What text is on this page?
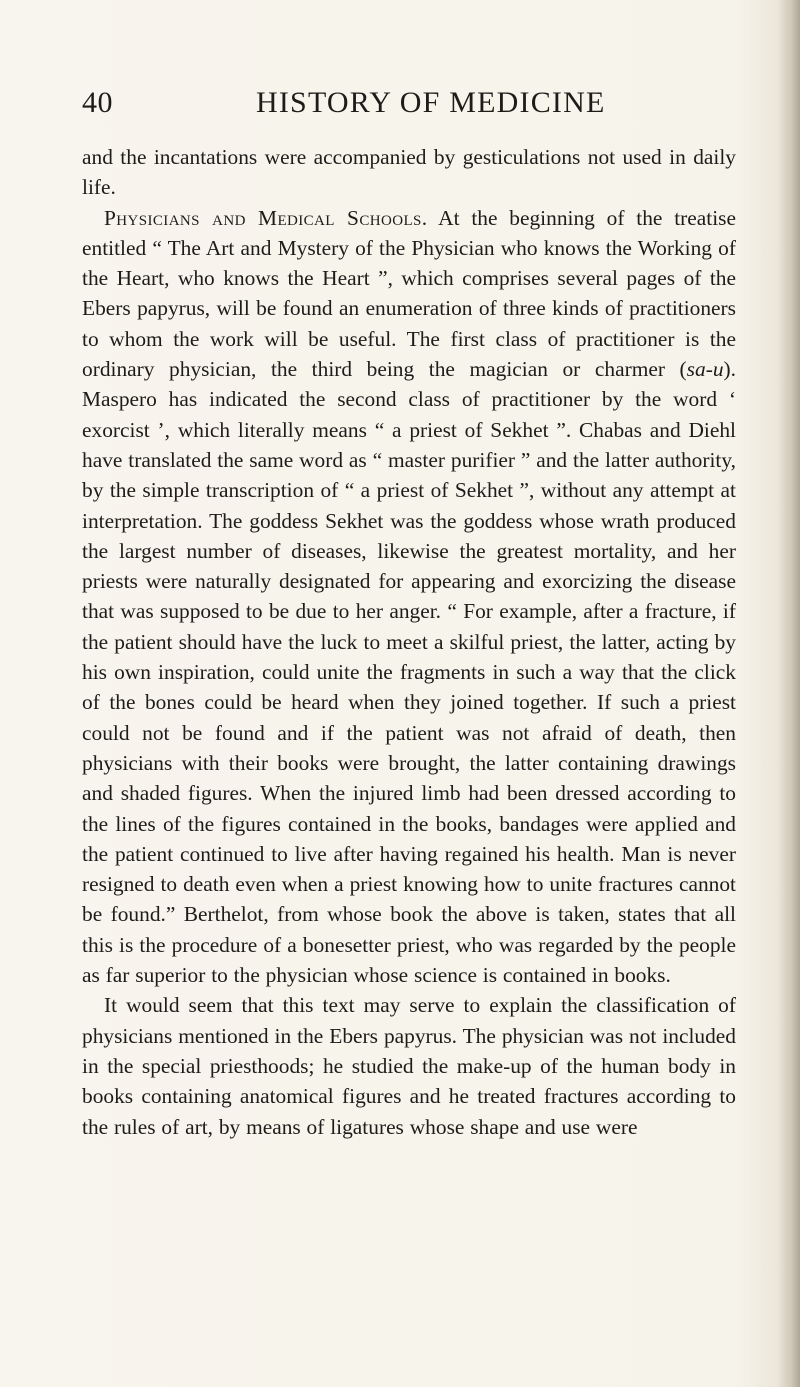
40	HISTORY OF MEDICINE

and the incantations were accompanied by gesticulations not used in daily life.

Physicians and Medical Schools. At the beginning of the treatise entitled “ The Art and Mystery of the Physician who knows the Working of the Heart, who knows the Heart ”, which comprises several pages of the Ebers papyrus, will be found an enumeration of three kinds of practitioners to whom the work will be useful. The first class of practitioner is the ordinary physician, the third being the magician or charmer (sa-u). Maspero has indicated the second class of practitioner by the word ‘ exorcist ’, which literally means “ a priest of Sekhet ”. Chabas and Diehl have translated the same word as “ master purifier ” and the latter authority, by the simple transcription of “ a priest of Sekhet ”, without any attempt at interpretation. The goddess Sekhet was the goddess whose wrath produced the largest number of diseases, likewise the greatest mortality, and her priests were naturally designated for appearing and exorcizing the disease that was supposed to be due to her anger. “ For example, after a fracture, if the patient should have the luck to meet a skilful priest, the latter, acting by his own inspiration, could unite the fragments in such a way that the click of the bones could be heard when they joined together. If such a priest could not be found and if the patient was not afraid of death, then physicians with their books were brought, the latter containing drawings and shaded figures. When the injured limb had been dressed according to the lines of the figures contained in the books, bandages were applied and the patient continued to live after having regained his health. Man is never resigned to death even when a priest knowing how to unite fractures cannot be found.” Berthelot, from whose book the above is taken, states that all this is the procedure of a bonesetter priest, who was regarded by the people as far superior to the physician whose science is contained in books.

It would seem that this text may serve to explain the classification of physicians mentioned in the Ebers papyrus. The physician was not included in the special priesthoods; he studied the make-up of the human body in books containing anatomical figures and he treated fractures according to the rules of art, by means of ligatures whose shape and use were
